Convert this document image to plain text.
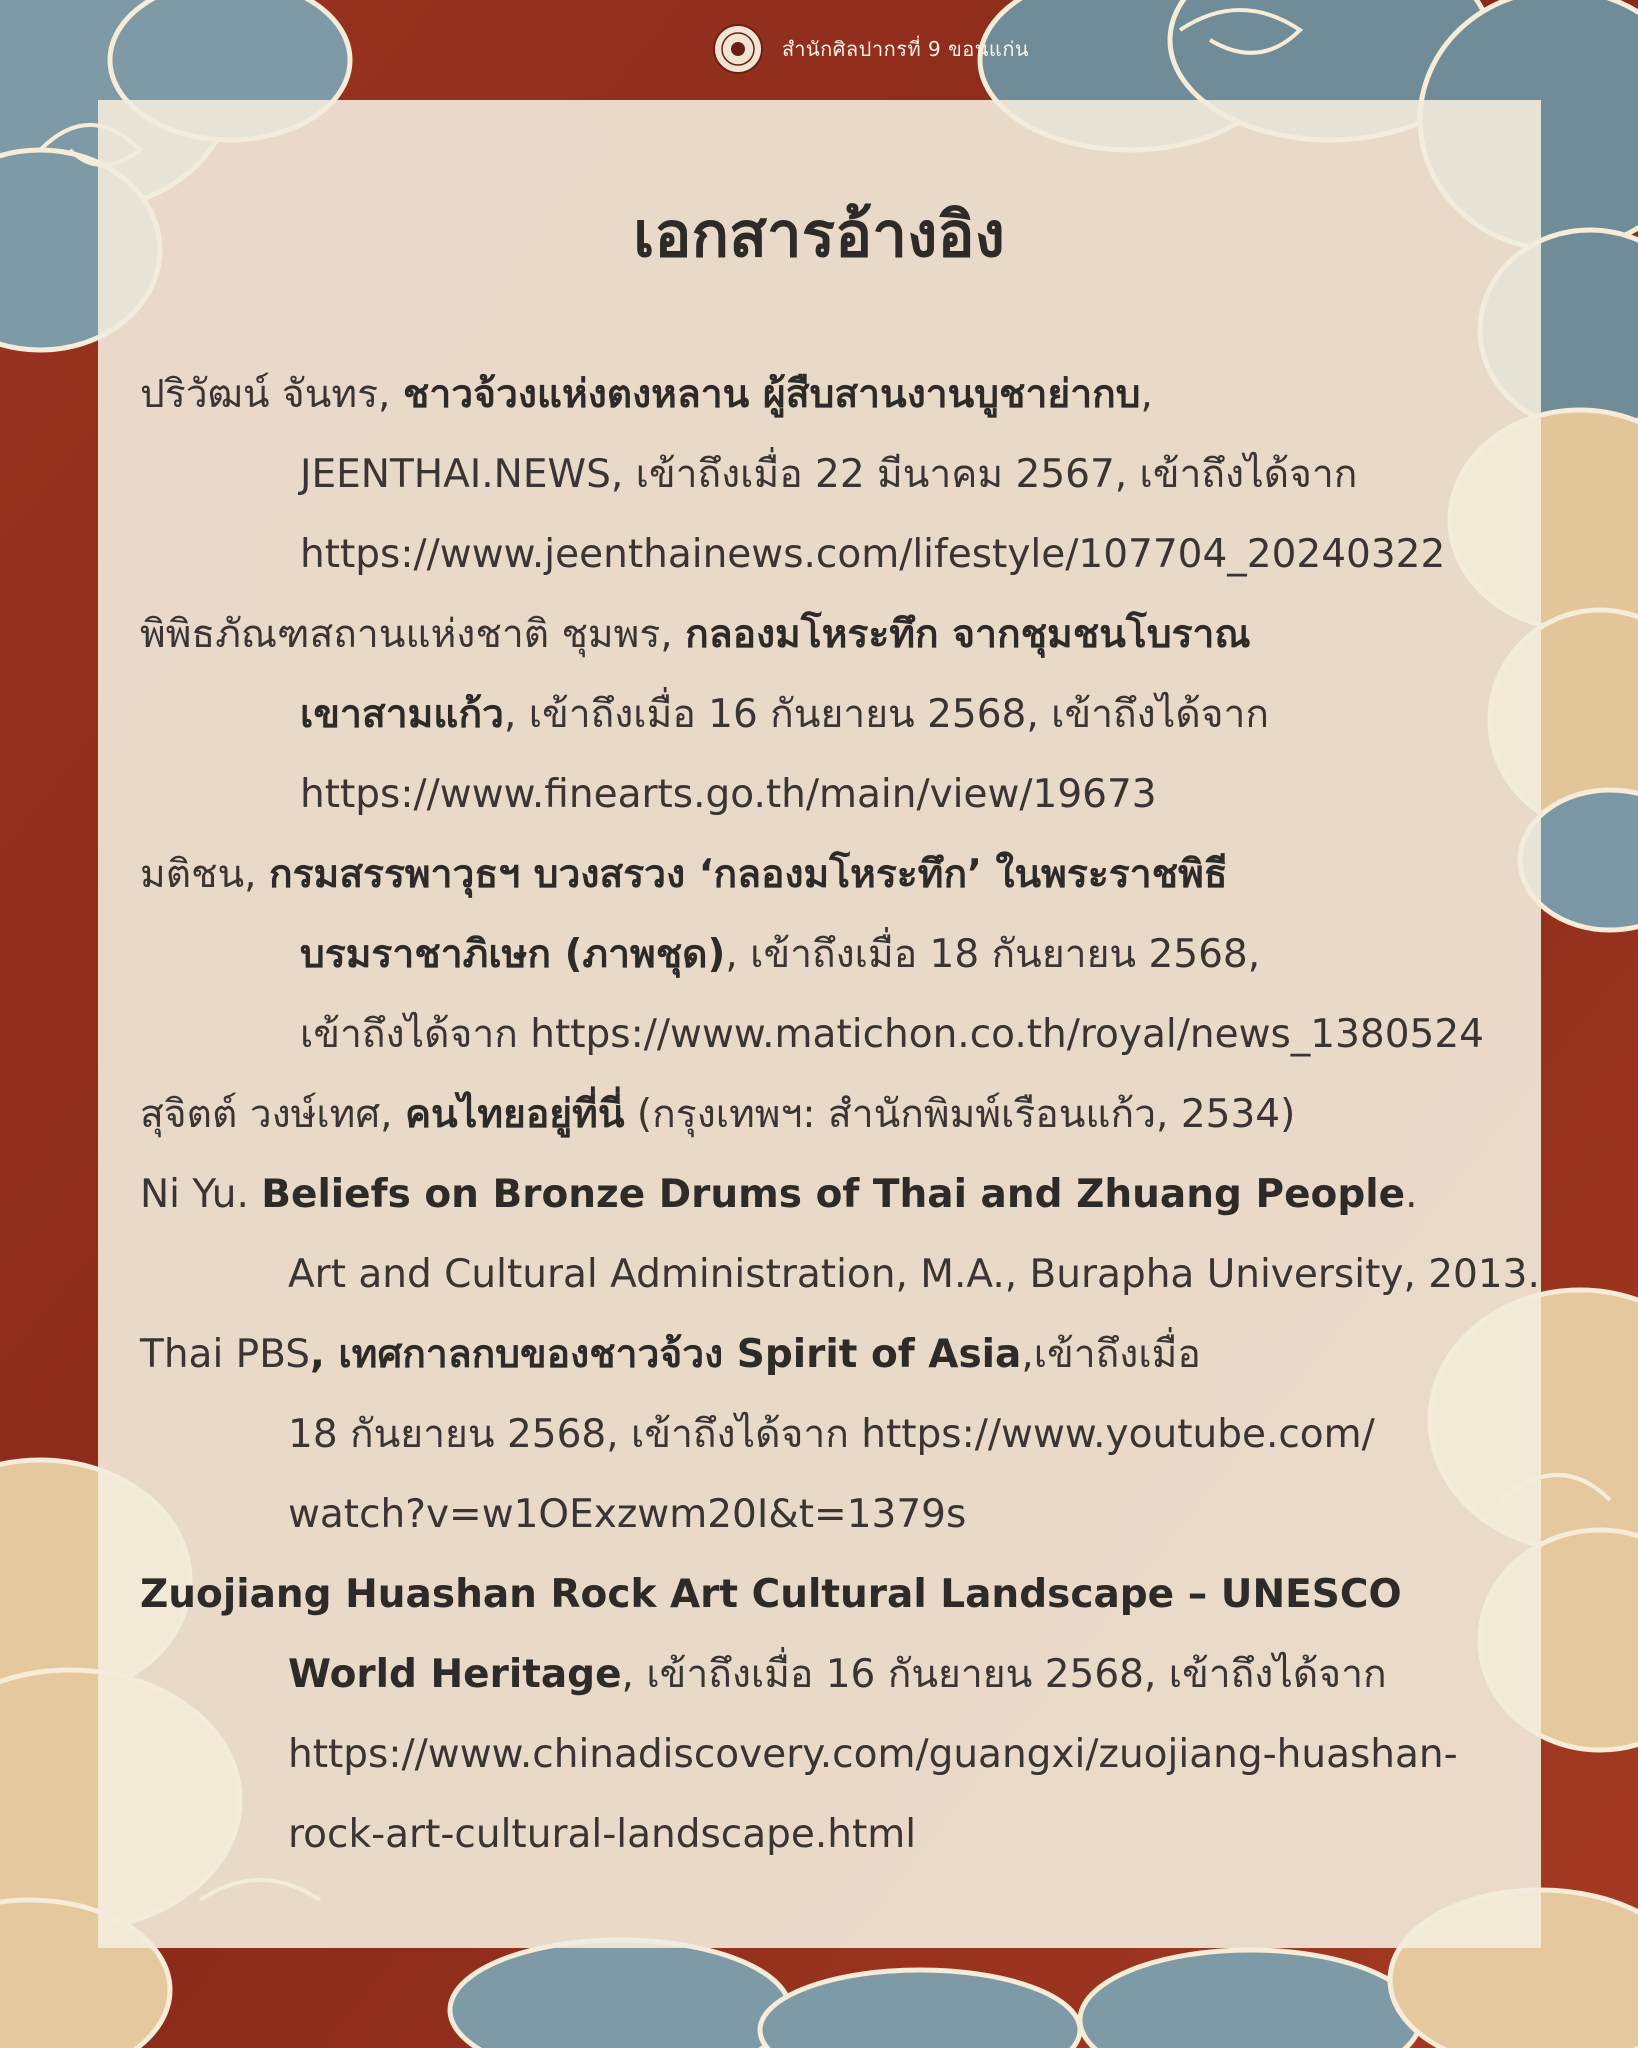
สำนักศิลปากรที่ 9 ขอนแก่น
เอกสารอ้างอิง
ปริวัฒน์ จันทร, ชาวจ้วงแห่งตงหลาน ผู้สืบสานงานบูชาย่ากบ,
JEENTHAI.NEWS, เข้าถึงเมื่อ 22 มีนาคม 2567, เข้าถึงได้จาก
https://www.jeenthainews.com/lifestyle/107704_20240322
พิพิธภัณฑสถานแห่งชาติ ชุมพร, กลองมโหระทึก จากชุมชนโบราณ
เขาสามแก้ว, เข้าถึงเมื่อ 16 กันยายน 2568, เข้าถึงได้จาก
https://www.finearts.go.th/main/view/19673
มติชน, กรมสรรพาวุธฯ บวงสรวง ‘กลองมโหระทึก’ ในพระราชพิธี
บรมราชาภิเษก (ภาพชุด), เข้าถึงเมื่อ 18 กันยายน 2568,
เข้าถึงได้จาก https://www.matichon.co.th/royal/news_1380524
สุจิตต์ วงษ์เทศ, คนไทยอยู่ที่นี่ (กรุงเทพฯ: สำนักพิมพ์เรือนแก้ว, 2534)
Ni Yu. Beliefs on Bronze Drums of Thai and Zhuang People.
Art and Cultural Administration, M.A., Burapha University, 2013.
Thai PBS, เทศกาลกบของชาวจ้วง Spirit of Asia,เข้าถึงเมื่อ
18 กันยายน 2568, เข้าถึงได้จาก https://www.youtube.com/
watch?v=w1OExzwm20I&t=1379s
Zuojiang Huashan Rock Art Cultural Landscape – UNESCO
World Heritage, เข้าถึงเมื่อ 16 กันยายน 2568, เข้าถึงได้จาก
https://www.chinadiscovery.com/guangxi/zuojiang-huashan-
rock-art-cultural-landscape.html
